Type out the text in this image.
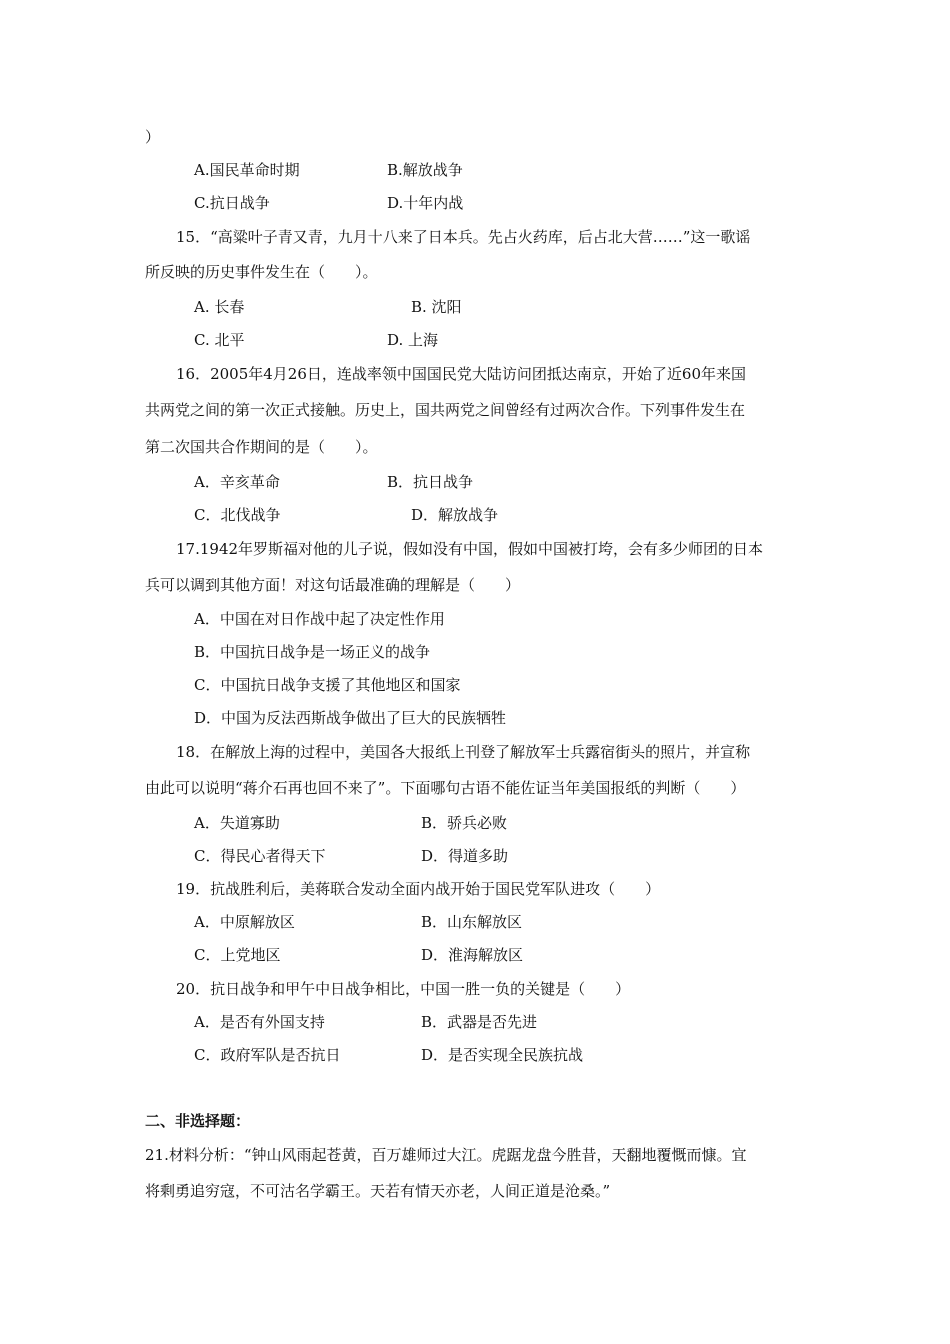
）
A.国民革命时期	B.解放战争
C.抗日战争	D.十年内战
15．“高粱叶子青又青，九月十八来了日本兵。先占火药库，后占北大营……”这一歌谣
所反映的历史事件发生在（　　）。
A. 长春	B. 沈阳
C. 北平	D. 上海
16．2005年4月26日，连战率领中国国民党大陆访问团抵达南京，开始了近60年来国
共两党之间的第一次正式接触。历史上，国共两党之间曾经有过两次合作。下列事件发生在
第二次国共合作期间的是（　　）。
A．辛亥革命	B．抗日战争
C．北伐战争	D．解放战争
17.1942年罗斯福对他的儿子说，假如没有中国，假如中国被打垮，会有多少师团的日本
兵可以调到其他方面！对这句话最准确的理解是（　　）
A．中国在对日作战中起了决定性作用
B．中国抗日战争是一场正义的战争
C．中国抗日战争支援了其他地区和国家
D．中国为反法西斯战争做出了巨大的民族牺牲
18．在解放上海的过程中，美国各大报纸上刊登了解放军士兵露宿街头的照片，并宣称
由此可以说明“蒋介石再也回不来了”。下面哪句古语不能佐证当年美国报纸的判断（　　）
A．失道寡助	B．骄兵必败
C．得民心者得天下	D．得道多助
19．抗战胜利后，美蒋联合发动全面内战开始于国民党军队进攻（　　）
A．中原解放区	B．山东解放区
C．上党地区	D．淮海解放区
20．抗日战争和甲午中日战争相比，中国一胜一负的关键是（　　）
A．是否有外国支持	B．武器是否先进
C．政府军队是否抗日	D．是否实现全民族抗战
二、非选择题：
21.材料分析：“钟山风雨起苍黄，百万雄师过大江。虎踞龙盘今胜昔，天翻地覆慨而慷。宜
将剩勇追穷寇，不可沽名学霸王。天若有情天亦老，人间正道是沧桑。”
